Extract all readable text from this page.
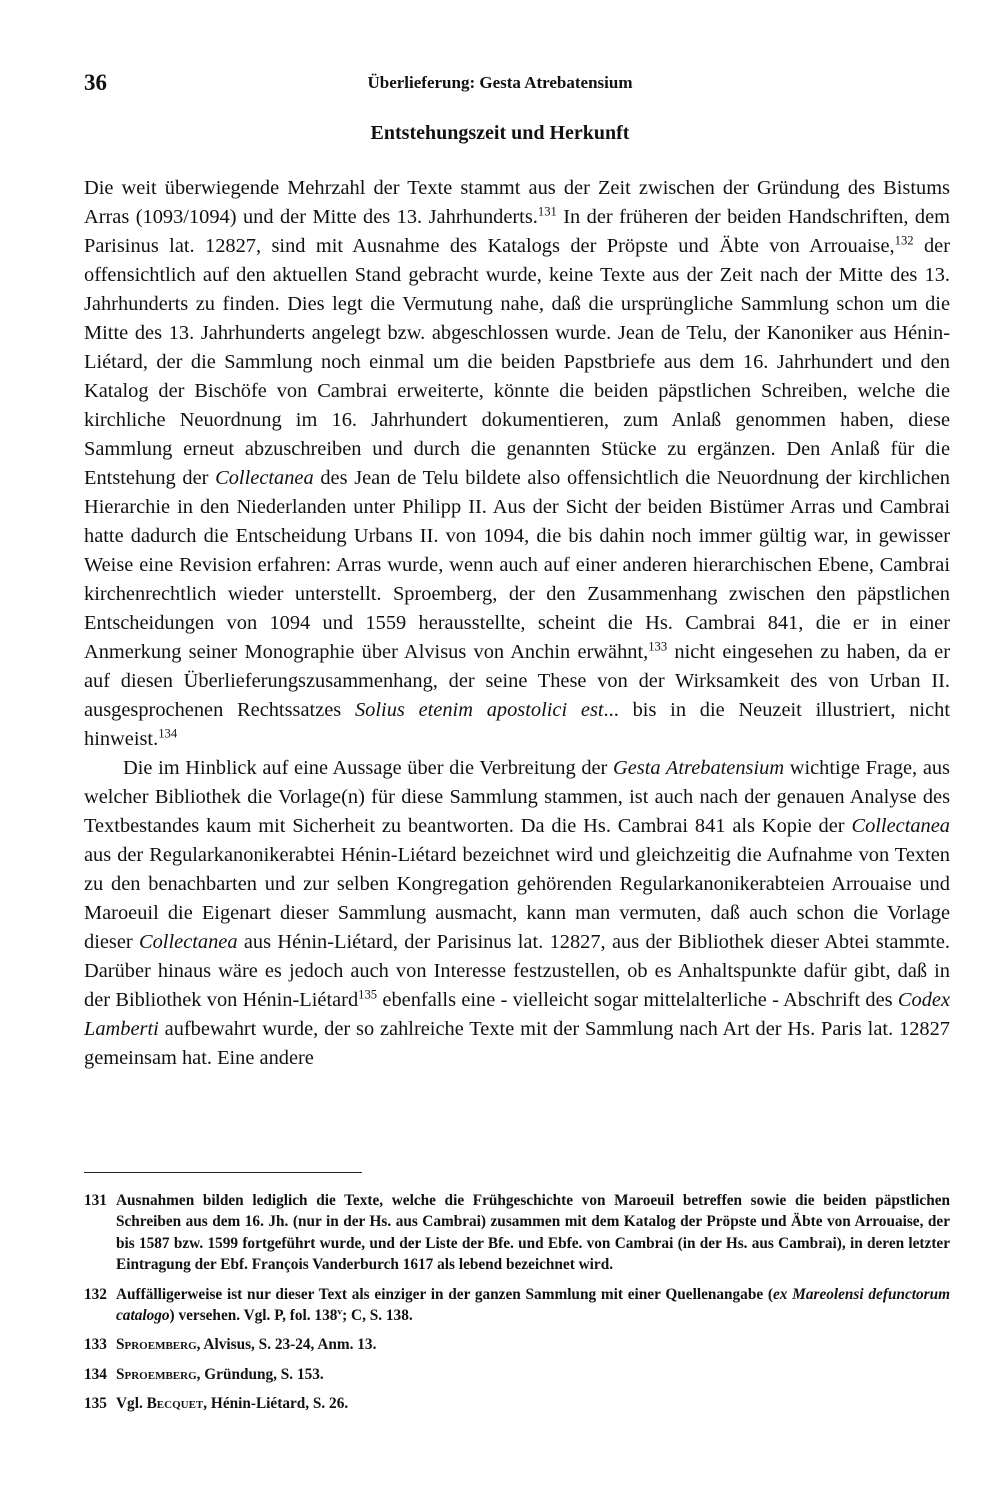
36	Überlieferung: Gesta Atrebatensium
Entstehungszeit und Herkunft

Die weit überwiegende Mehrzahl der Texte stammt aus der Zeit zwischen der Gründung des Bistums Arras (1093/1094) und der Mitte des 13. Jahrhunderts.$^{131}$ In der früheren der beiden Handschriften, dem Parisinus lat. 12827, sind mit Ausnahme des Katalogs der Pröpste und Äbte von Arrouaise,$^{132}$ der offensichtlich auf den aktuellen Stand gebracht wurde, keine Texte aus der Zeit nach der Mitte des 13. Jahrhunderts zu finden. Dies legt die Vermutung nahe, daß die ursprüngliche Sammlung schon um die Mitte des 13. Jahrhunderts angelegt bzw. abgeschlossen wurde. Jean de Telu, der Kanoniker aus Hénin-Liétard, der die Sammlung noch einmal um die beiden Papstbriefe aus dem 16. Jahrhundert und den Katalog der Bischöfe von Cambrai erweiterte, könnte die beiden päpstlichen Schreiben, welche die kirchliche Neuordnung im 16. Jahrhundert dokumentieren, zum Anlaß genommen haben, diese Sammlung erneut abzuschreiben und durch die genannten Stücke zu ergänzen. Den Anlaß für die Entstehung der Collectanea des Jean de Telu bildete also offensichtlich die Neuordnung der kirchlichen Hierarchie in den Niederlanden unter Philipp II. Aus der Sicht der beiden Bistümer Arras und Cambrai hatte dadurch die Entscheidung Urbans II. von 1094, die bis dahin noch immer gültig war, in gewisser Weise eine Revision erfahren: Arras wurde, wenn auch auf einer anderen hierarchischen Ebene, Cambrai kirchenrechtlich wieder unterstellt. Sproemberg, der den Zusammenhang zwischen den päpstlichen Entscheidungen von 1094 und 1559 herausstellte, scheint die Hs. Cambrai 841, die er in einer Anmerkung seiner Monographie über Alvisus von Anchin erwähnt,$^{133}$ nicht eingesehen zu haben, da er auf diesen Überlieferungszusammenhang, der seine These von der Wirksamkeit des von Urban II. ausgesprochenen Rechtssatzes Solius etenim apostolici est... bis in die Neuzeit illustriert, nicht hinweist.$^{134}$

Die im Hinblick auf eine Aussage über die Verbreitung der Gesta Atrebatensium wichtige Frage, aus welcher Bibliothek die Vorlage(n) für diese Sammlung stammen, ist auch nach der genauen Analyse des Textbestandes kaum mit Sicherheit zu beantworten. Da die Hs. Cambrai 841 als Kopie der Collectanea aus der Regularkanonikerabtei Hénin-Liétard bezeichnet wird und gleichzeitig die Aufnahme von Texten zu den benachbarten und zur selben Kongregation gehörenden Regularkanonikerabteien Arrouaise und Maroeuil die Eigenart dieser Sammlung ausmacht, kann man vermuten, daß auch schon die Vorlage dieser Collectanea aus Hénin-Liétard, der Parisinus lat. 12827, aus der Bibliothek dieser Abtei stammte. Darüber hinaus wäre es jedoch auch von Interesse festzustellen, ob es Anhaltspunkte dafür gibt, daß in der Bibliothek von Hénin-Liétard$^{135}$ ebenfalls eine - vielleicht sogar mittelalterliche - Abschrift des Codex Lamberti aufbewahrt wurde, der so zahlreiche Texte mit der Sammlung nach Art der Hs. Paris lat. 12827 gemeinsam hat. Eine andere

131 Ausnahmen bilden lediglich die Texte, welche die Frühgeschichte von Maroeuil betreffen sowie die beiden päpstlichen Schreiben aus dem 16. Jh. (nur in der Hs. aus Cambrai) zusammen mit dem Katalog der Pröpste und Äbte von Arrouaise, der bis 1587 bzw. 1599 fortgeführt wurde, und der Liste der Bfe. und Ebfe. von Cambrai (in der Hs. aus Cambrai), in deren letzter Eintragung der Ebf. François Vanderburch 1617 als lebend bezeichnet wird.
132 Auffälligerweise ist nur dieser Text als einziger in der ganzen Sammlung mit einer Quellenangabe (ex Mareolensi defunctorum catalogo) versehen. Vgl. P, fol. 138$^v$; C, S. 138.
133 Sproemberg, Alvisus, S. 23-24, Anm. 13.
134 Sproemberg, Gründung, S. 153.
135 Vgl. Becquet, Hénin-Liétard, S. 26.
